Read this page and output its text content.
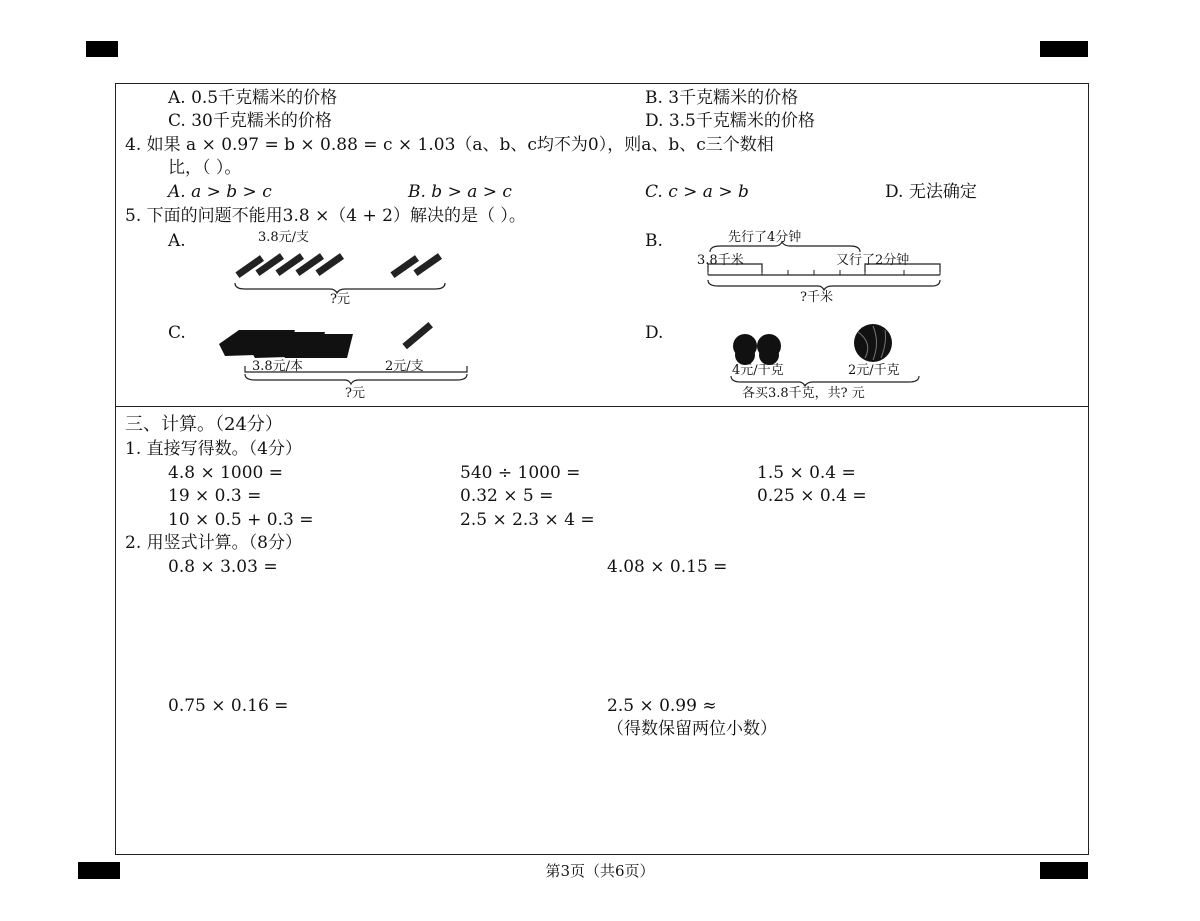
A. 0.5千克糯米的价格	B. 3千克糯米的价格
C. 30千克糯米的价格	D. 3.5千克糯米的价格
4. 如果 a × 0.97 = b × 0.88 = c × 1.03（a、b、c均不为0），则a、b、c三个数相
比，（ ）。
A. a > b > c	B. b > a > c	C. c > a > b	D. 无法确定
5. 下面的问题不能用3.8 ×（4 + 2）解决的是（ ）。
A.	3.8元/支
?元
B.	先行了4分钟
3.8千米	又行了2分钟
?千米
C.
3.8元/本	2元/支
?元
D.
4元/千克	2元/千克
各买3.8千克，共? 元
三、计算。（24分）
1. 直接写得数。（4分）
4.8 × 1000 =	540 ÷ 1000 =	1.5 × 0.4 =
19 × 0.3 =	0.32 × 5 =	0.25 × 0.4 =
10 × 0.5 + 0.3 =	2.5 × 2.3 × 4 =
2. 用竖式计算。（8分）
0.8 × 3.03 =	4.08 × 0.15 =
0.75 × 0.16 =	2.5 × 0.99 ≈
（得数保留两位小数）
第3页（共6页）
